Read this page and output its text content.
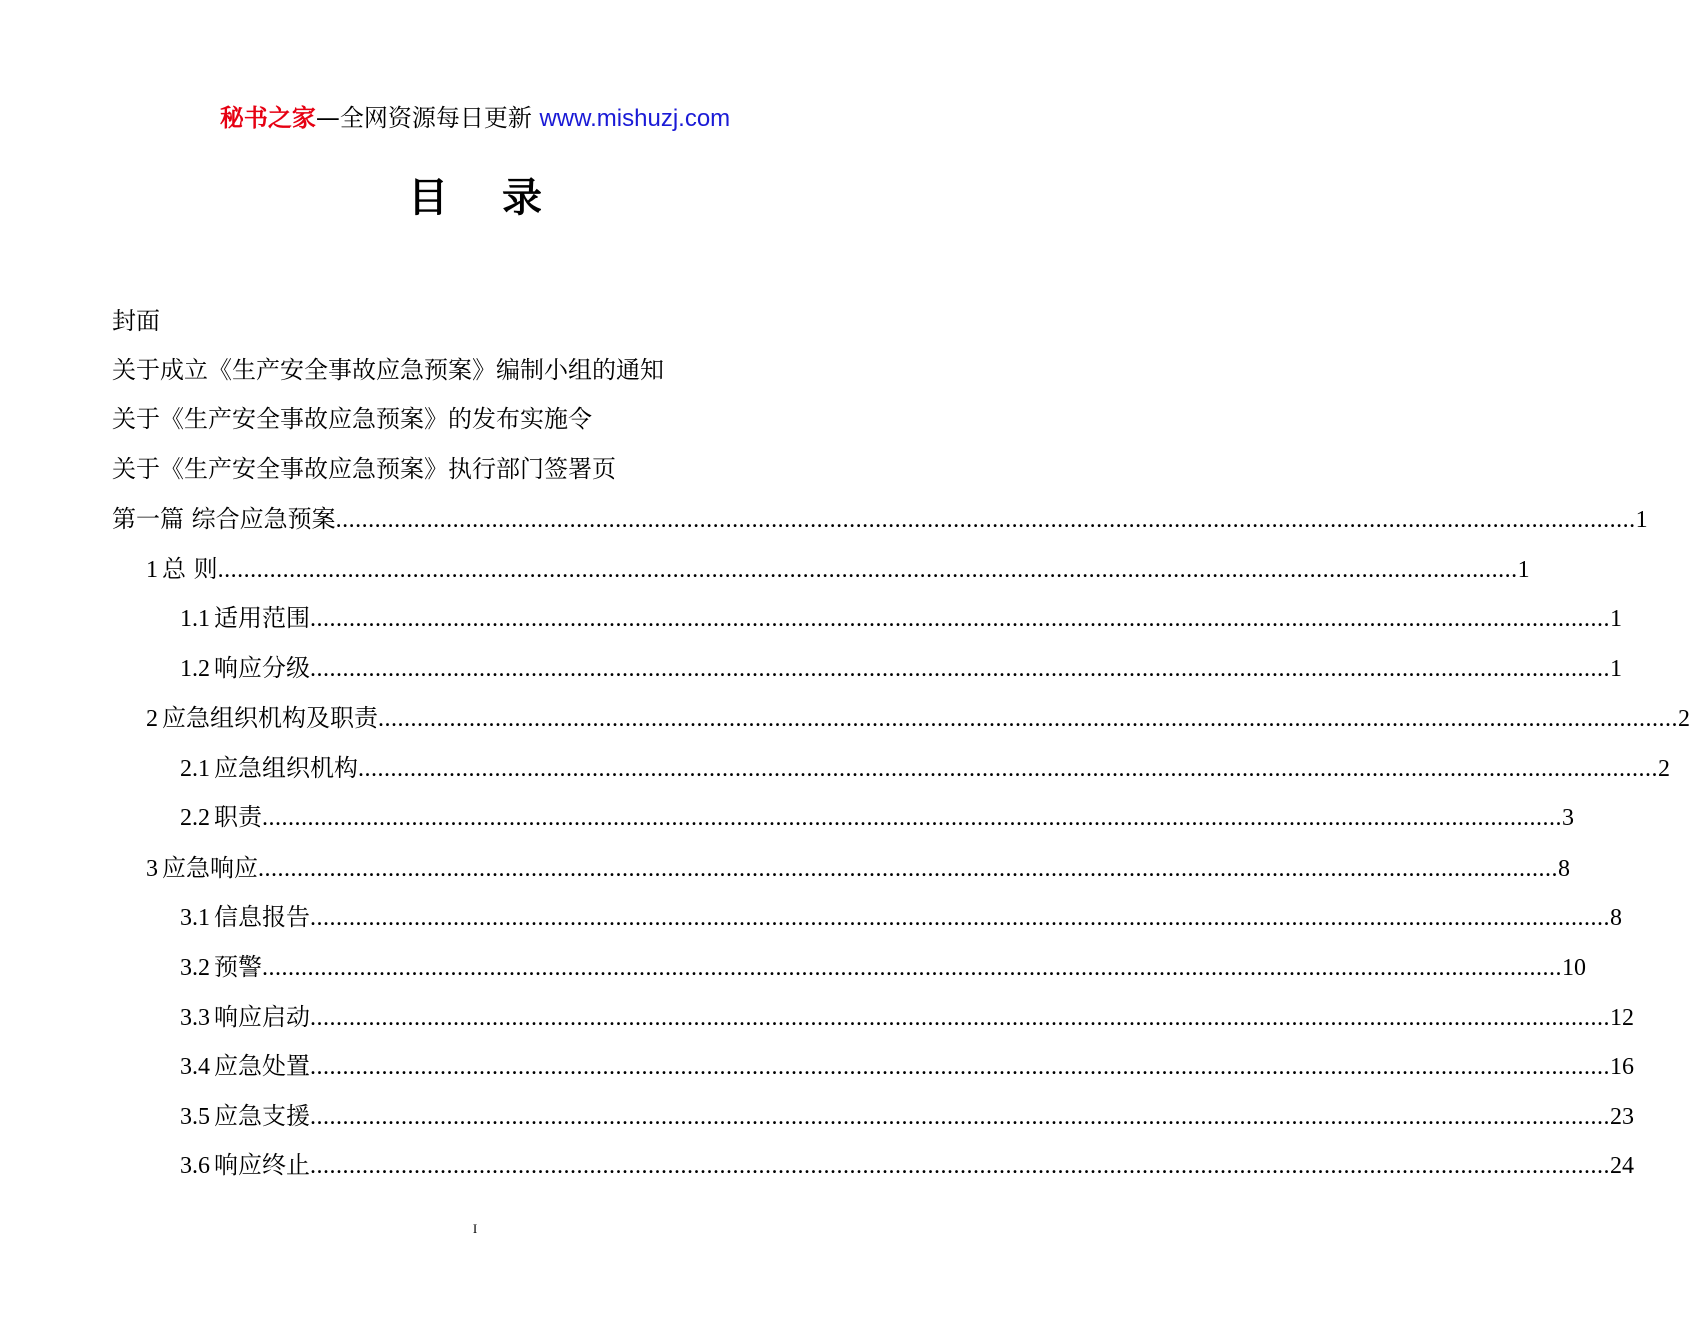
秘书之家—全网资源每日更新 www.mishuzj.com
目 录
封面
关于成立《生产安全事故应急预案》编制小组的通知
关于《生产安全事故应急预案》的发布实施令
关于《生产安全事故应急预案》执行部门签署页
第一篇 综合应急预案 ........................................................................................................................................................................................................ 1
1 总 则 ........................................................................................................................................................................................................ 1
1.1 适用范围 ........................................................................................................................................................................................................ 1
1.2 响应分级 ........................................................................................................................................................................................................ 1
2 应急组织机构及职责 ........................................................................................................................................................................................................ 2
2.1 应急组织机构 ........................................................................................................................................................................................................ 2
2.2 职责 ........................................................................................................................................................................................................ 3
3 应急响应 ........................................................................................................................................................................................................ 8
3.1 信息报告 ........................................................................................................................................................................................................ 8
3.2 预警 ........................................................................................................................................................................................................ 10
3.3 响应启动 ........................................................................................................................................................................................................ 12
3.4 应急处置 ........................................................................................................................................................................................................ 16
3.5 应急支援 ........................................................................................................................................................................................................ 23
3.6 响应终止 ........................................................................................................................................................................................................ 24
I
